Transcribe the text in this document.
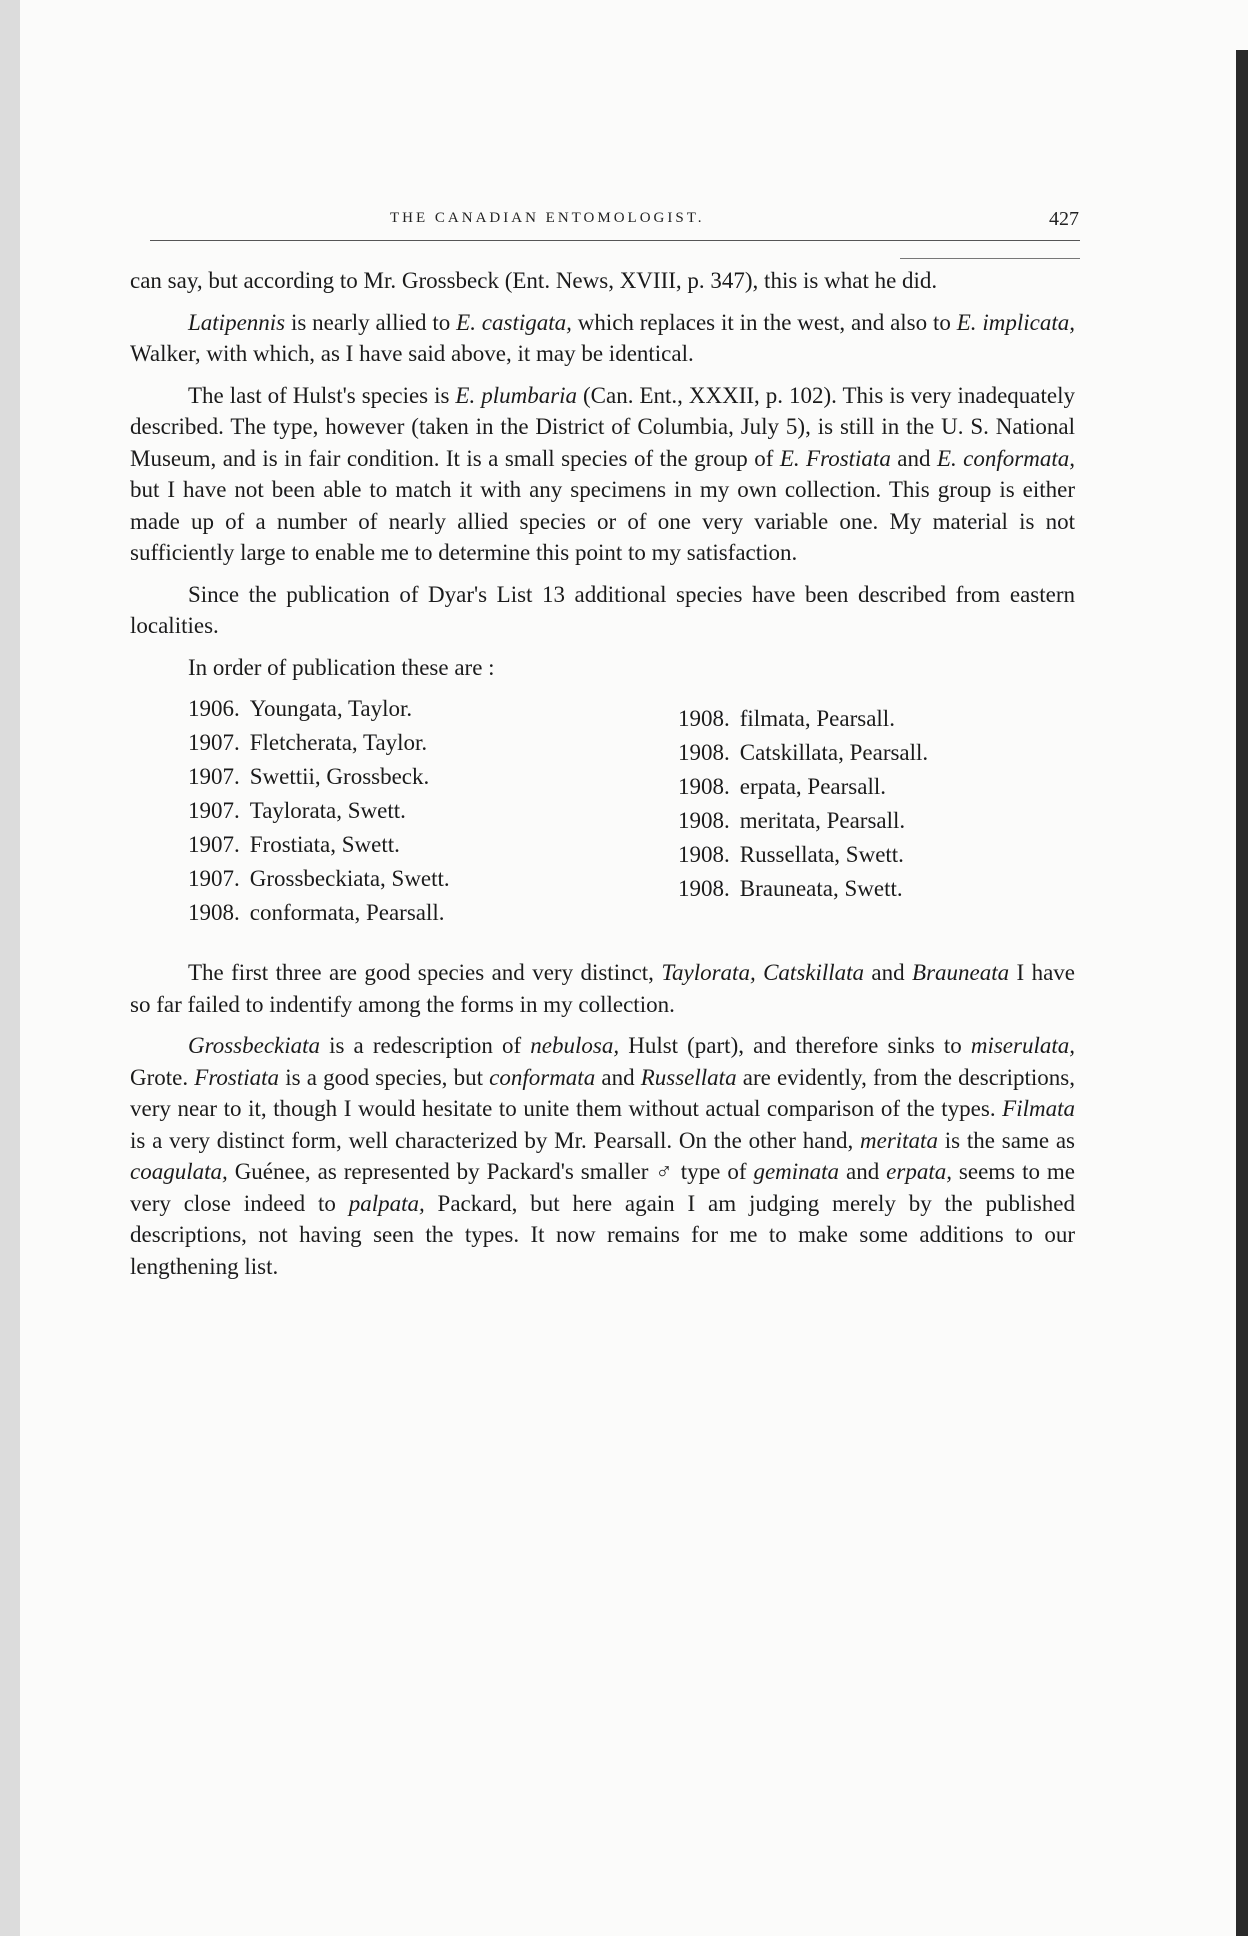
THE CANADIAN ENTOMOLOGIST.	427

can say, but according to Mr. Grossbeck (Ent. News, XVIII, p. 347), this is what he did.

Latipennis is nearly allied to E. castigata, which replaces it in the west, and also to E. implicata, Walker, with which, as I have said above, it may be identical.

The last of Hulst's species is E. plumbaria (Can. Ent., XXXII, p. 102). This is very inadequately described. The type, however (taken in the District of Columbia, July 5), is still in the U. S. National Museum, and is in fair condition. It is a small species of the group of E. Frostiata and E. conformata, but I have not been able to match it with any specimens in my own collection. This group is either made up of a number of nearly allied species or of one very variable one. My material is not sufficiently large to enable me to determine this point to my satisfaction.

Since the publication of Dyar's List 13 additional species have been described from eastern localities.

In order of publication these are :

1906. Youngata, Taylor.
1907. Fletcherata, Taylor.
1907. Swettii, Grossbeck.
1907. Taylorata, Swett.
1907. Frostiata, Swett.
1907. Grossbeckiata, Swett.
1908. conformata, Pearsall.
1908. filmata, Pearsall.
1908. Catskillata, Pearsall.
1908. erpata, Pearsall.
1908. meritata, Pearsall.
1908. Russellata, Swett.
1908. Brauneata, Swett.

The first three are good species and very distinct, Taylorata, Catskillata and Brauneata I have so far failed to indentify among the forms in my collection.

Grossbeckiata is a redescription of nebulosa, Hulst (part), and therefore sinks to miserulata, Grote. Frostiata is a good species, but conformata and Russellata are evidently, from the descriptions, very near to it, though I would hesitate to unite them without actual comparison of the types. Filmata is a very distinct form, well characterized by Mr. Pearsall. On the other hand, meritata is the same as coagulata, Guénee, as represented by Packard's smaller ♂ type of geminata and erpata, seems to me very close indeed to palpata, Packard, but here again I am judging merely by the published descriptions, not having seen the types. It now remains for me to make some additions to our lengthening list.
